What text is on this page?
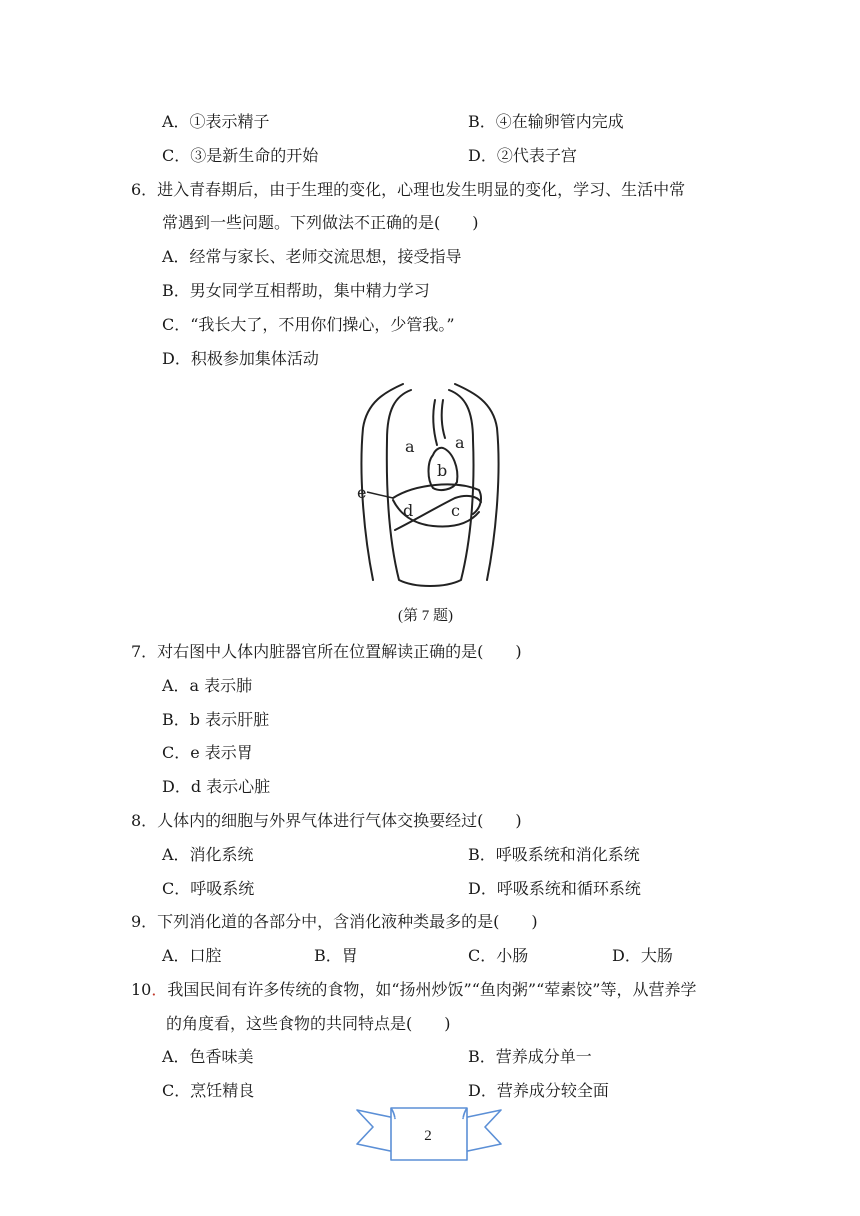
A．①表示精子	B．④在输卵管内完成
C．③是新生命的开始	D．②代表子宫
6．进入青春期后，由于生理的变化，心理也发生明显的变化，学习、生活中常
常遇到一些问题。下列做法不正确的是(　　)
A．经常与家长、老师交流思想，接受指导
B．男女同学互相帮助，集中精力学习
C．“我长大了，不用你们操心，少管我。”
D．积极参加集体活动
a	a
b
c
d
e
(第 7 题)
7．对右图中人体内脏器官所在位置解读正确的是(　　)
A．a 表示肺
B．b 表示肝脏
C．e 表示胃
D．d 表示心脏
8．人体内的细胞与外界气体进行气体交换要经过(　　)
A．消化系统	B．呼吸系统和消化系统
C．呼吸系统	D．呼吸系统和循环系统
9．下列消化道的各部分中，含消化液种类最多的是(　　)
A．口腔	B．胃	C．小肠	D．大肠
10．我国民间有许多传统的食物，如“扬州炒饭”“鱼肉粥”“荤素饺”等，从营养学
的角度看，这些食物的共同特点是(　　)
A．色香味美	B．营养成分单一
C．烹饪精良	D．营养成分较全面
2
